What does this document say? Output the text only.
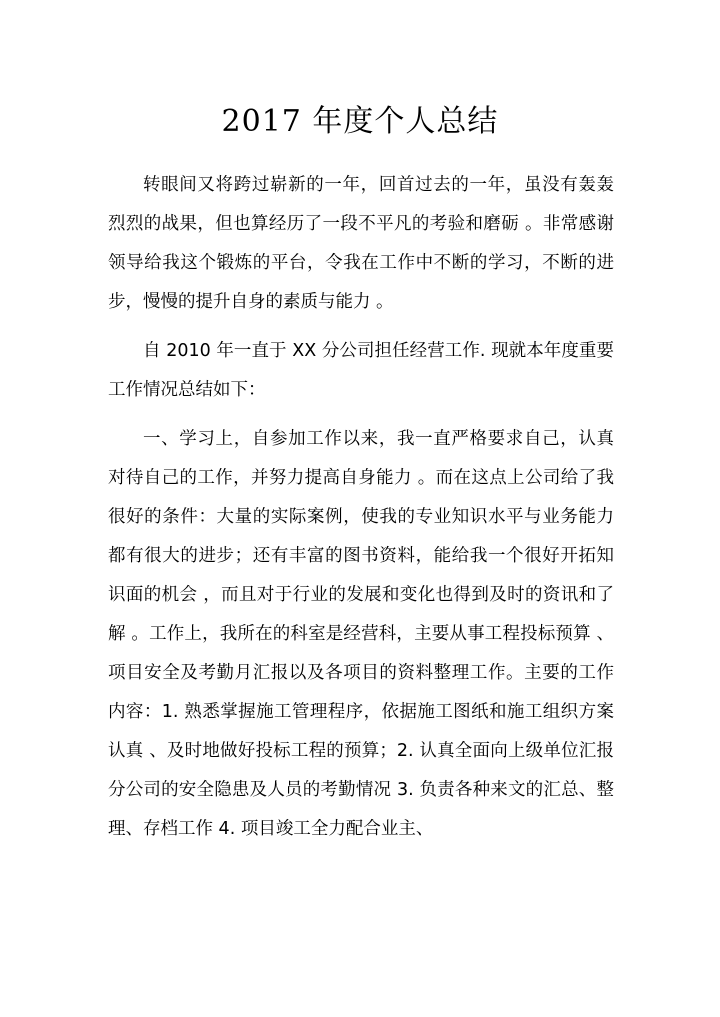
2017 年度个人总结

转眼间又将跨过崭新的一年，回首过去的一年，虽没有轰轰烈烈的战果，但也算经历了一段不平凡的考验和磨砺 。非常感谢领导给我这个锻炼的平台，令我在工作中不断的学习，不断的进步，慢慢的提升自身的素质与能力 。

自 2010 年一直于 XX 分公司担任经营工作. 现就本年度重要工作情况总结如下：

一、学习上，自参加工作以来，我一直严格要求自己，认真对待自己的工作，并努力提高自身能力 。而在这点上公司给了我很好的条件：大量的实际案例，使我的专业知识水平与业务能力都有很大的进步；还有丰富的图书资料，能给我一个很好开拓知识面的机会 ，而且对于行业的发展和变化也得到及时的资讯和了解 。工作上，我所在的科室是经营科，主要从事工程投标预算 、项目安全及考勤月汇报以及各项目的资料整理工作。主要的工作内容：1. 熟悉掌握施工管理程序，依据施工图纸和施工组织方案认真 、及时地做好投标工程的预算；2. 认真全面向上级单位汇报分公司的安全隐患及人员的考勤情况 3. 负责各种来文的汇总、整理、存档工作 4. 项目竣工全力配合业主、
